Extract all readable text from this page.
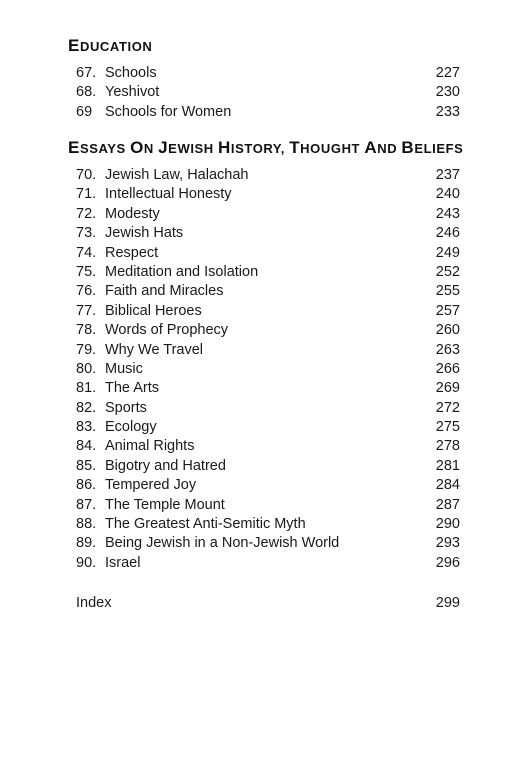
EDUCATION
67. Schools	227
68. Yeshivot	230
69 Schools for Women	233
ESSAYS ON JEWISH HISTORY, THOUGHT AND BELIEFS
70. Jewish Law, Halachah	237
71. Intellectual Honesty	240
72. Modesty	243
73. Jewish Hats	246
74. Respect	249
75. Meditation and Isolation	252
76. Faith and Miracles	255
77. Biblical Heroes	257
78. Words of Prophecy	260
79. Why We Travel	263
80. Music	266
81. The Arts	269
82. Sports	272
83. Ecology	275
84. Animal Rights	278
85. Bigotry and Hatred	281
86. Tempered Joy	284
87. The Temple Mount	287
88. The Greatest Anti-Semitic Myth	290
89. Being Jewish in a Non-Jewish World	293
90. Israel	296
Index	299
